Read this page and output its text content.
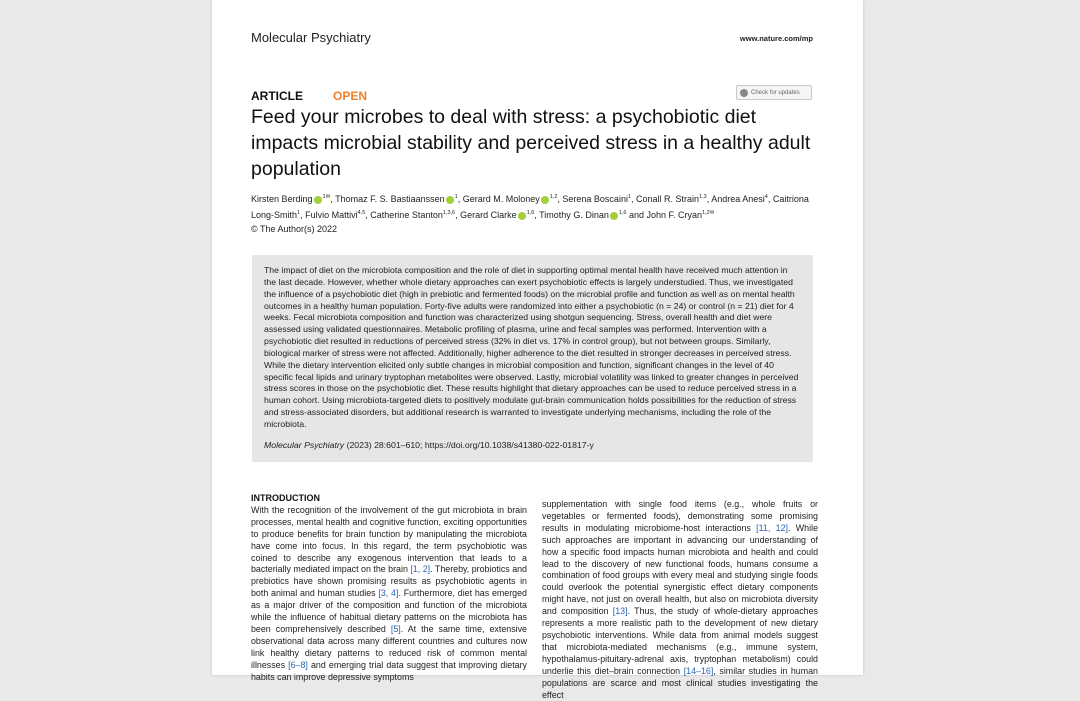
Molecular Psychiatry	www.nature.com/mp
ARTICLE	OPEN	Check for updates
Feed your microbes to deal with stress: a psychobiotic diet impacts microbial stability and perceived stress in a healthy adult population
Kirsten Berding $^{1✉}$, Thomaz F. S. Bastiaanssen $^1$, Gerard M. Moloney $^{1,2}$, Serena Boscaini$^1$, Conall R. Strain$^{1,3}$, Andrea Anesi$^4$, Caitriona Long-Smith$^1$, Fulvio Mattivi$^{4,5}$, Catherine Stanton$^{1,3,6}$, Gerard Clarke $^{1,6}$, Timothy G. Dinan $^{1,6}$ and John F. Cryan$^{1,2✉}$
© The Author(s) 2022
The impact of diet on the microbiota composition and the role of diet in supporting optimal mental health have received much attention in the last decade. However, whether whole dietary approaches can exert psychobiotic effects is largely understudied. Thus, we investigated the influence of a psychobiotic diet (high in prebiotic and fermented foods) on the microbial profile and function as well as on mental health outcomes in a healthy human population. Forty-five adults were randomized into either a psychobiotic (n = 24) or control (n = 21) diet for 4 weeks. Fecal microbiota composition and function was characterized using shotgun sequencing. Stress, overall health and diet were assessed using validated questionnaires. Metabolic profiling of plasma, urine and fecal samples was performed. Intervention with a psychobiotic diet resulted in reductions of perceived stress (32% in diet vs. 17% in control group), but not between groups. Similarly, biological marker of stress were not affected. Additionally, higher adherence to the diet resulted in stronger decreases in perceived stress. While the dietary intervention elicited only subtle changes in microbial composition and function, significant changes in the level of 40 specific fecal lipids and urinary tryptophan metabolites were observed. Lastly, microbial volatility was linked to greater changes in perceived stress scores in those on the psychobiotic diet. These results highlight that dietary approaches can be used to reduce perceived stress in a human cohort. Using microbiota-targeted diets to positively modulate gut-brain communication holds possibilities for the reduction of stress and stress-associated disorders, but additional research is warranted to investigate underlying mechanisms, including the role of the microbiota.
Molecular Psychiatry (2023) 28:601–610; https://doi.org/10.1038/s41380-022-01817-y
INTRODUCTION
With the recognition of the involvement of the gut microbiota in brain processes, mental health and cognitive function, exciting opportunities to produce benefits for brain function by manipulating the microbiota have come into focus. In this regard, the term psychobiotic was coined to describe any exogenous intervention that leads to a bacterially mediated impact on the brain [1, 2]. Thereby, probiotics and prebiotics have shown promising results as psychobiotic agents in both animal and human studies [3, 4]. Furthermore, diet has emerged as a major driver of the composition and function of the microbiota while the influence of habitual dietary patterns on the microbiota has been comprehensively described [5]. At the same time, extensive observational data across many different countries and cultures now link healthy dietary patterns to reduced risk of common mental illnesses [6–8] and emerging trial data suggest that improving dietary habits can improve depressive symptoms
supplementation with single food items (e.g., whole fruits or vegetables or fermented foods), demonstrating some promising results in modulating microbiome-host interactions [11, 12]. While such approaches are important in advancing our understanding of how a specific food impacts human microbiota and health and could lead to the discovery of new functional foods, humans consume a combination of food groups with every meal and studying single foods could overlook the potential synergistic effect dietary components might have, not just on overall health, but also on microbiota diversity and composition [13]. Thus, the study of whole-dietary approaches represents a more realistic path to the development of new dietary psychobiotic interventions. While data from animal models suggest that microbiota-mediated mechanisms (e.g., immune system, hypothalamus-pituitary-adrenal axis, tryptophan metabolism) could underlie this diet–brain connection [14–16], similar studies in human populations are scarce and most clinical studies investigating the effect
